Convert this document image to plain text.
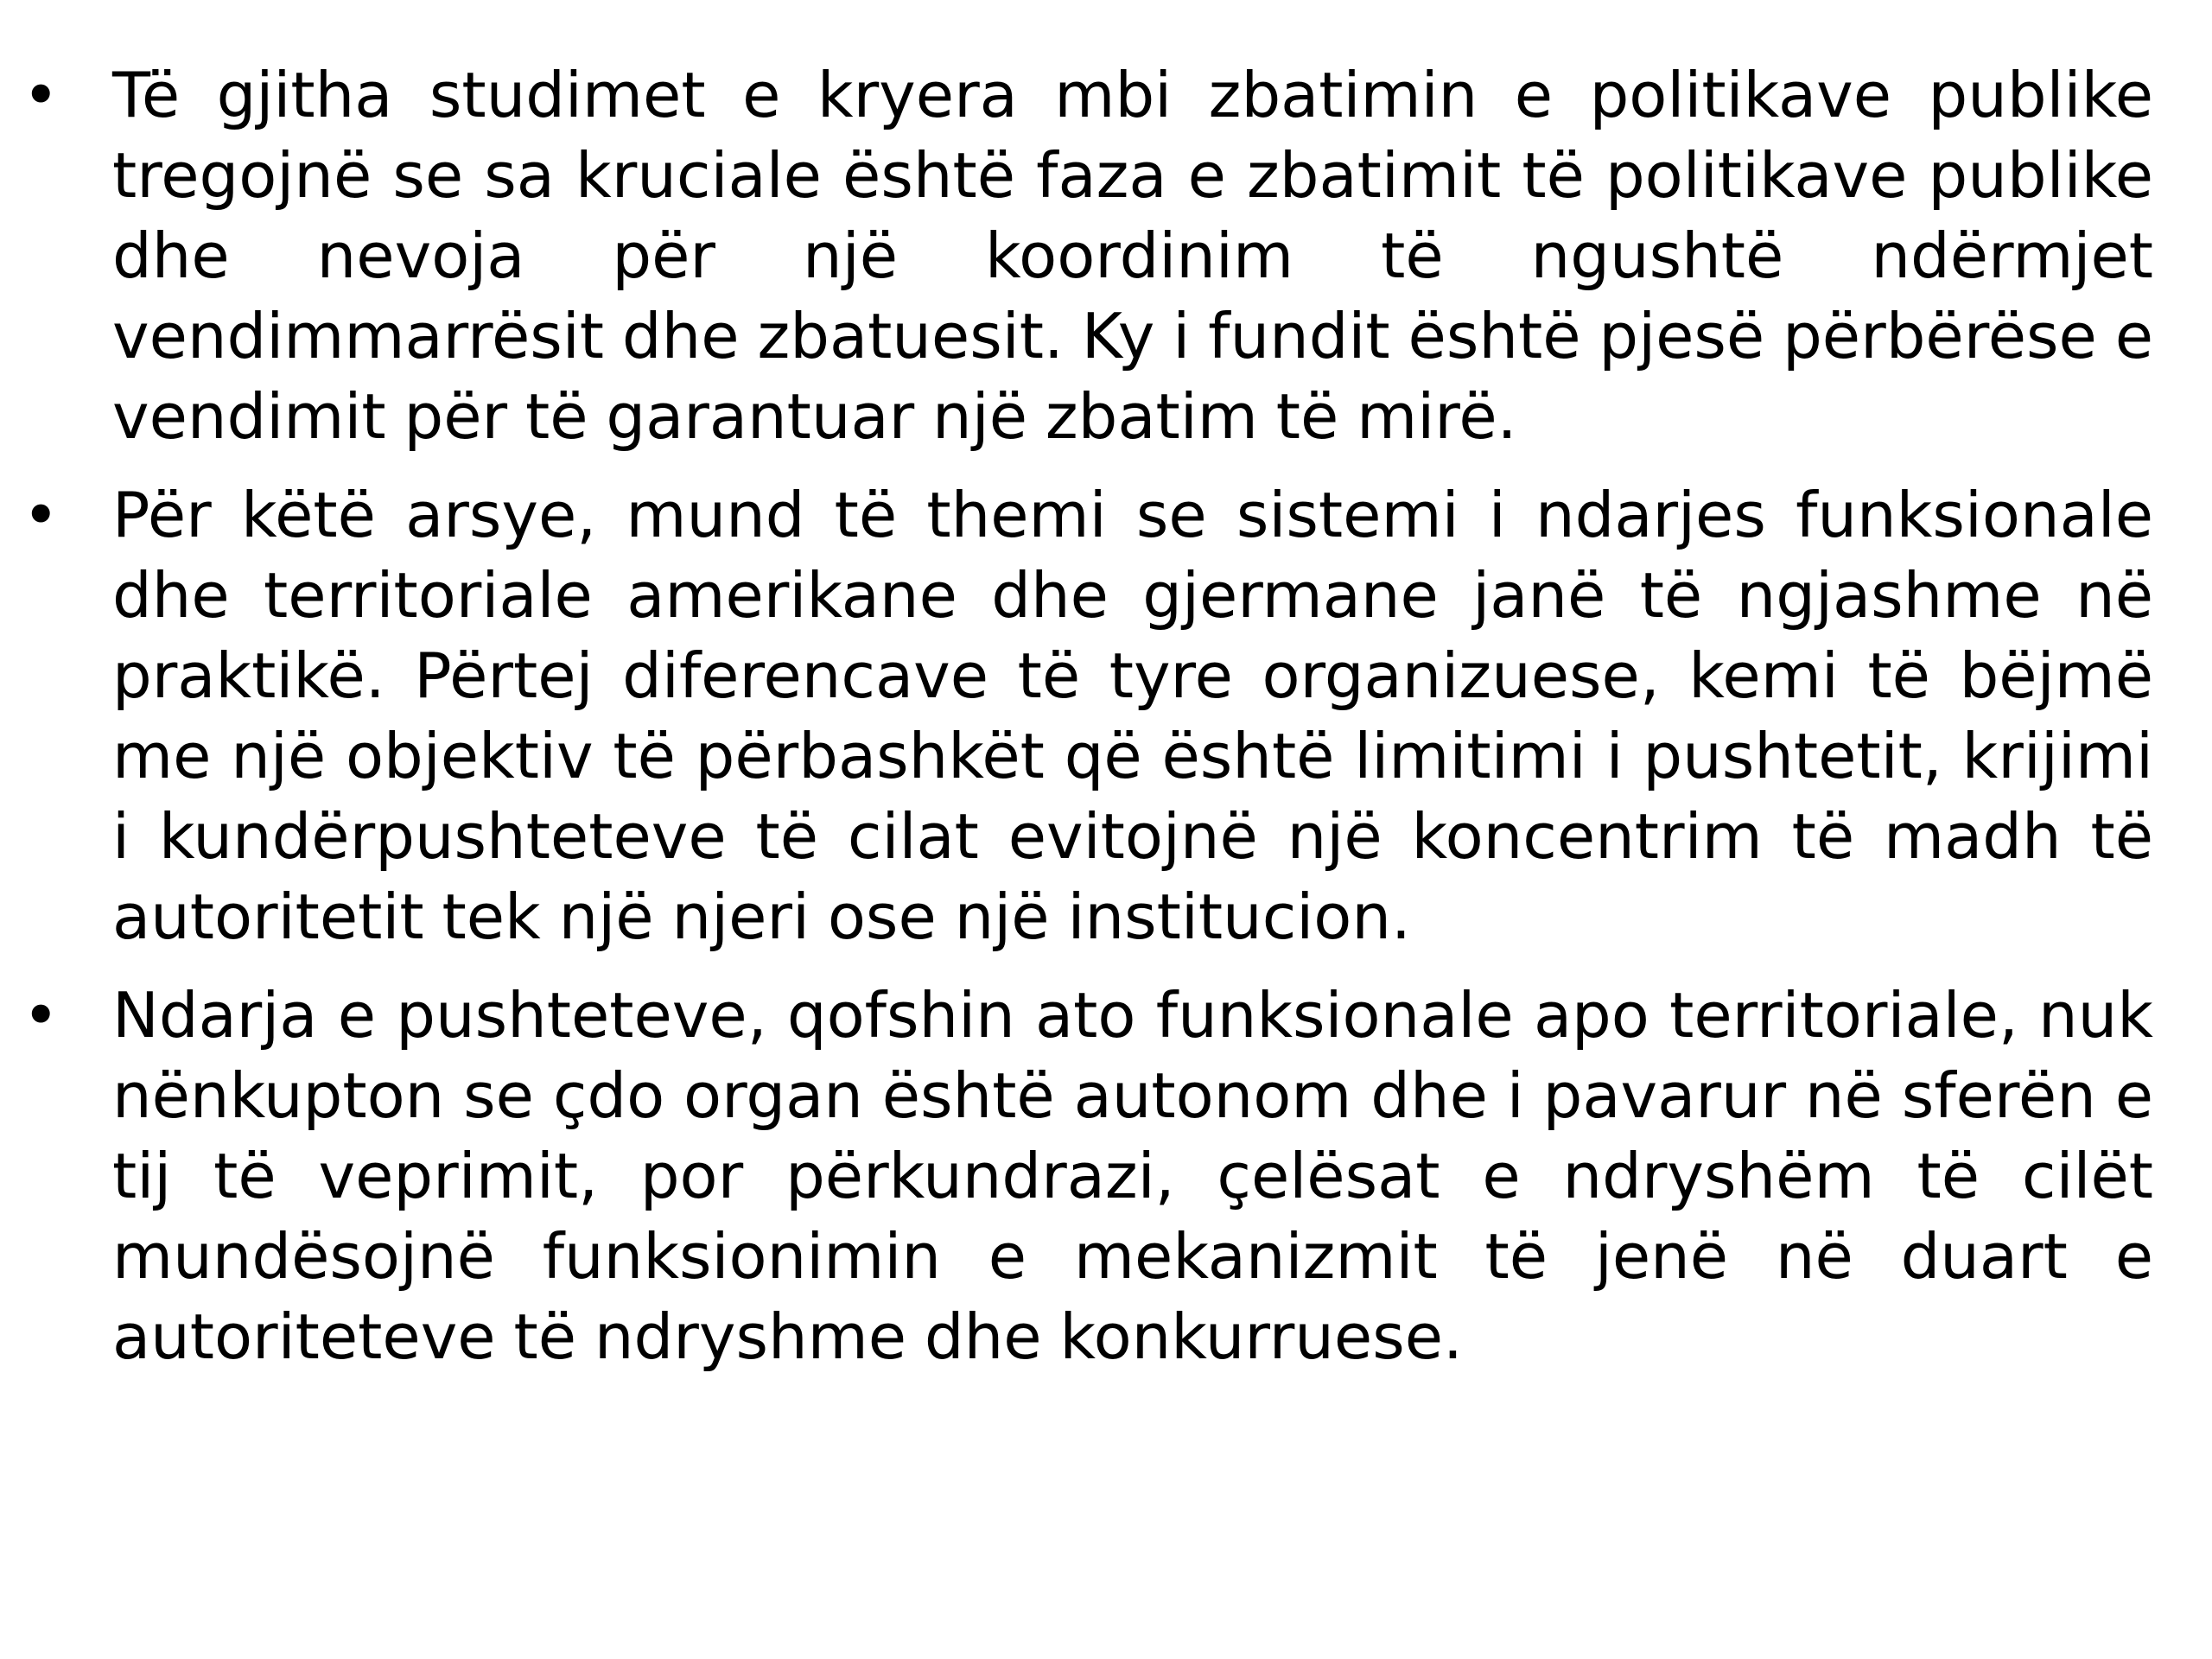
• Të gjitha studimet e kryera mbi zbatimin e politikave publike tregojnë se sa kruciale është faza e zbatimit të politikave publike dhe nevoja për një koordinim të ngushtë ndërmjet vendimmarrësit dhe zbatuesit. Ky i fundit është pjesë përbërëse e vendimit për të garantuar një zbatim të mirë.
• Për këtë arsye, mund të themi se sistemi i ndarjes funksionale dhe territoriale amerikane dhe gjermane janë të ngjashme në praktikë. Përtej diferencave të tyre organizuese, kemi të bëjmë me një objektiv të përbashkët që është limitimi i pushtetit, krijimi i kundërpushteteve të cilat evitojnë një koncentrim të madh të autoritetit tek një njeri ose një institucion.
• Ndarja e pushteteve, qofshin ato funksionale apo territoriale, nuk nënkupton se çdo organ është autonom dhe i pavarur në sferën e tij të veprimit, por përkundrazi, çelësat e ndryshëm të cilët mundësojnë funksionimin e mekanizmit të jenë në duart e autoriteteve të ndryshme dhe konkurruese.
